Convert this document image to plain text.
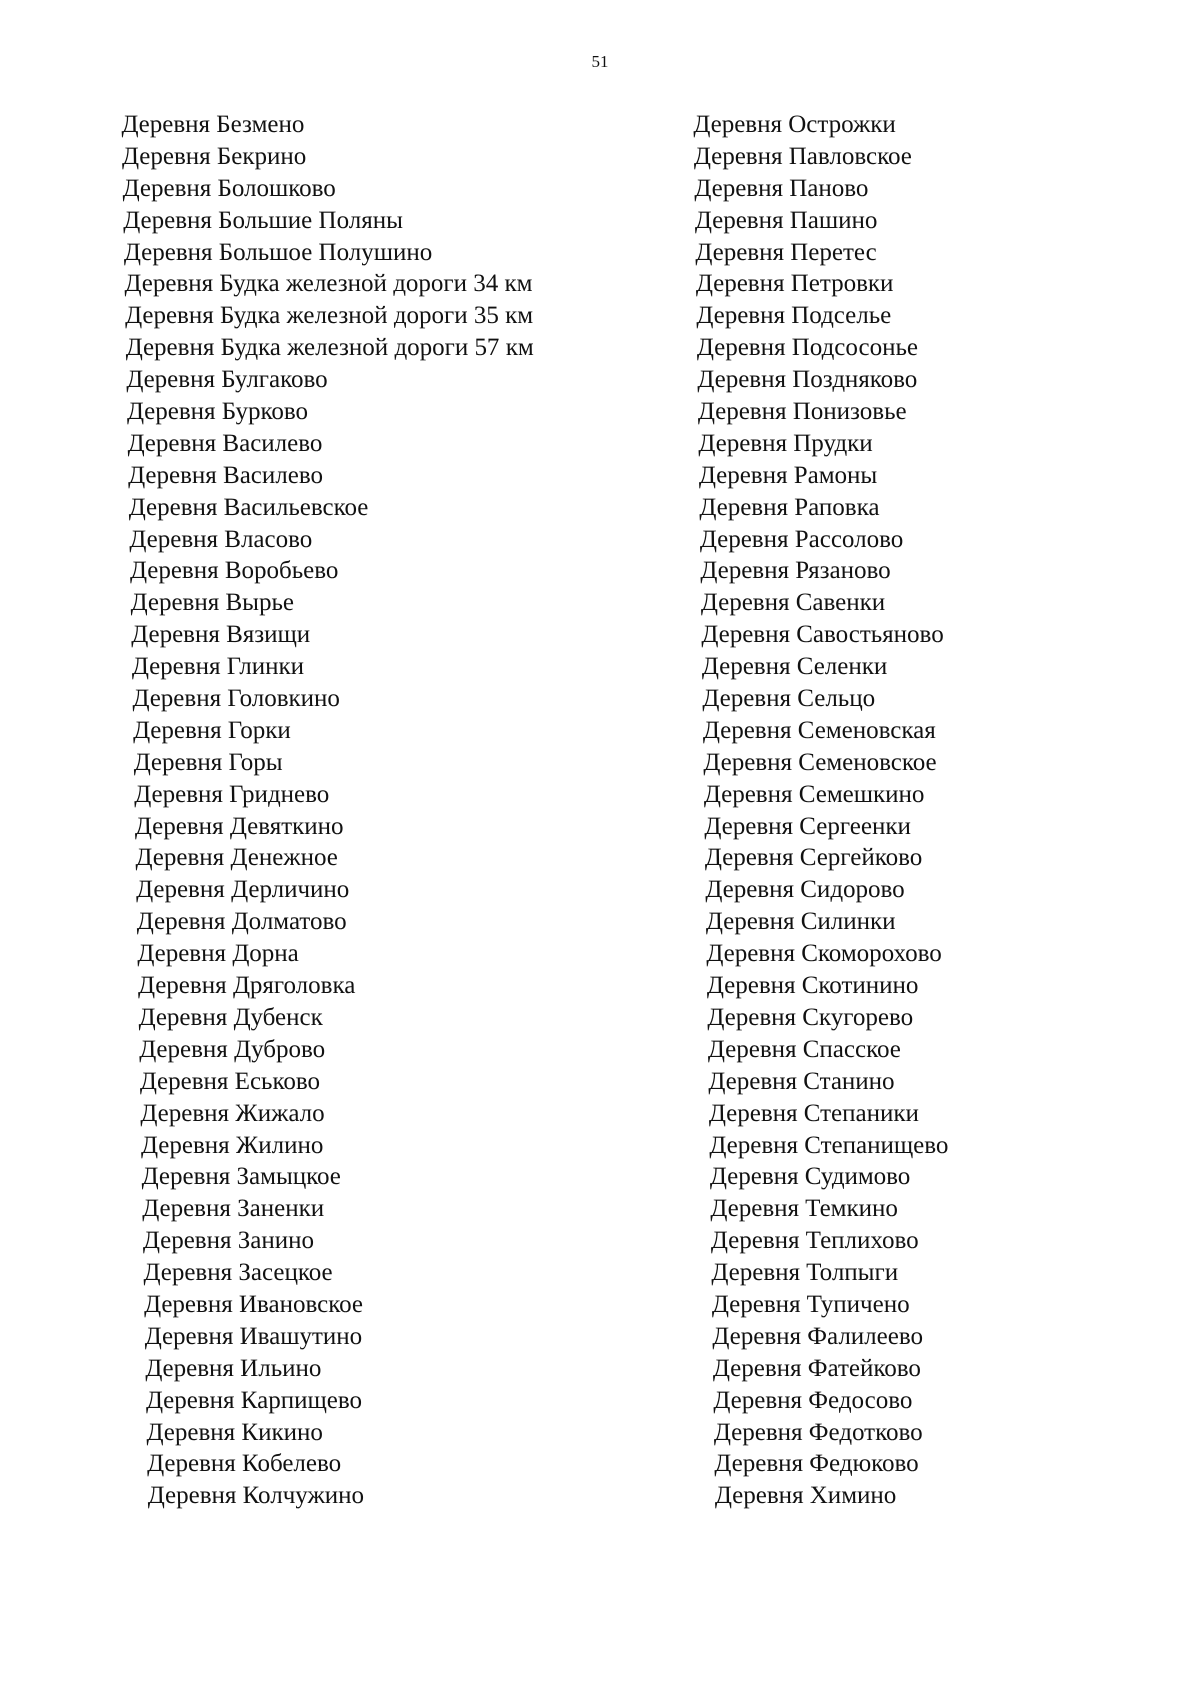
51
Деревня Безмено
Деревня Бекрино
Деревня Болошково
Деревня Большие Поляны
Деревня Большое Полушино
Деревня Будка железной дороги 34 км
Деревня Будка железной дороги 35 км
Деревня Будка железной дороги 57 км
Деревня Булгаково
Деревня Бурково
Деревня Василево
Деревня Василево
Деревня Васильевское
Деревня Власово
Деревня Воробьево
Деревня Вырье
Деревня Вязищи
Деревня Глинки
Деревня Головкино
Деревня Горки
Деревня Горы
Деревня Гриднево
Деревня Девяткино
Деревня Денежное
Деревня Дерличино
Деревня Долматово
Деревня Дорна
Деревня Дряголовка
Деревня Дубенск
Деревня Дуброво
Деревня Еськово
Деревня Жижало
Деревня Жилино
Деревня Замыцкое
Деревня Заненки
Деревня Занино
Деревня Засецкое
Деревня Ивановское
Деревня Ивашутино
Деревня Ильино
Деревня Карпищево
Деревня Кикино
Деревня Кобелево
Деревня Колчужино
Деревня Острожки
Деревня Павловское
Деревня Паново
Деревня Пашино
Деревня Перетес
Деревня Петровки
Деревня Подселье
Деревня Подсосонье
Деревня Поздняково
Деревня Понизовье
Деревня Прудки
Деревня Рамоны
Деревня Раповка
Деревня Рассолово
Деревня Рязаново
Деревня Савенки
Деревня Савостьяново
Деревня Селенки
Деревня Сельцо
Деревня Семеновская
Деревня Семеновское
Деревня Семешкино
Деревня Сергеенки
Деревня Сергейково
Деревня Сидорово
Деревня Силинки
Деревня Скоморохово
Деревня Скотинино
Деревня Скугорево
Деревня Спасское
Деревня Станино
Деревня Степаники
Деревня Степанищево
Деревня Судимово
Деревня Темкино
Деревня Теплихово
Деревня Толпыги
Деревня Тупичено
Деревня Фалилеево
Деревня Фатейково
Деревня Федосово
Деревня Федотково
Деревня Федюково
Деревня Химино
